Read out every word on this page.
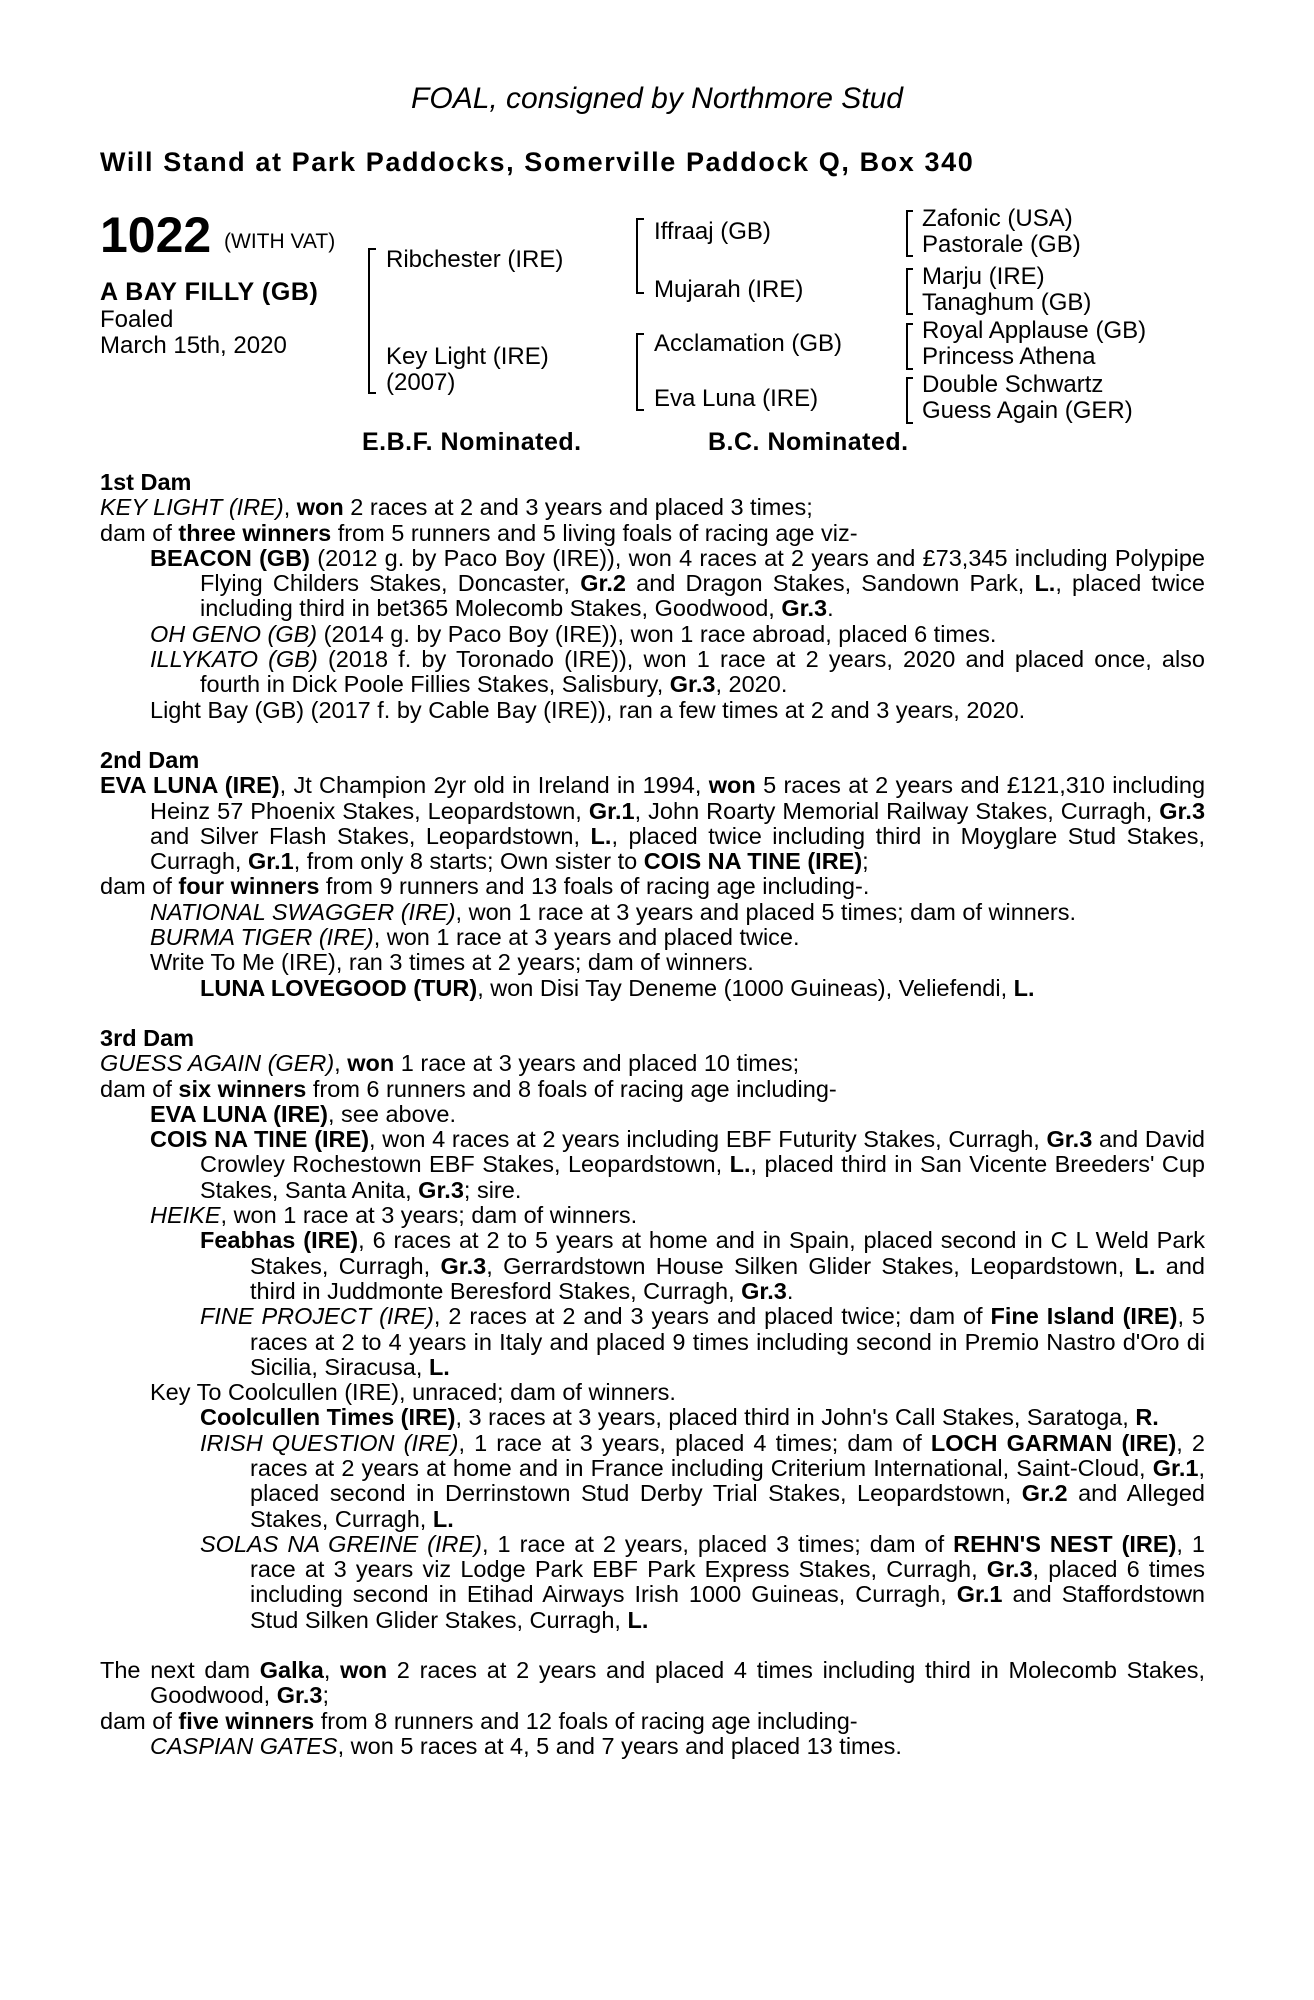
FOAL, consigned by Northmore Stud
Will Stand at Park Paddocks, Somerville Paddock Q, Box 340
1022 (WITH VAT)
A BAY FILLY (GB)
Foaled
March 15th, 2020
Ribchester (IRE)
Key Light (IRE)
(2007)
Iffraaj (GB)
Mujarah (IRE)
Acclamation (GB)
Eva Luna (IRE)
Zafonic (USA)
Pastorale (GB)
Marju (IRE)
Tanaghum (GB)
Royal Applause (GB)
Princess Athena
Double Schwartz
Guess Again (GER)
E.B.F. Nominated.	B.C. Nominated.

1st Dam

KEY LIGHT (IRE), won 2 races at 2 and 3 years and placed 3 times;

dam of three winners from 5 runners and 5 living foals of racing age viz-

BEACON (GB) (2012 g. by Paco Boy (IRE)), won 4 races at 2 years and £73,345 including Polypipe Flying Childers Stakes, Doncaster, Gr.2 and Dragon Stakes, Sandown Park, L., placed twice including third in bet365 Molecomb Stakes, Goodwood, Gr.3.

OH GENO (GB) (2014 g. by Paco Boy (IRE)), won 1 race abroad, placed 6 times.

ILLYKATO (GB) (2018 f. by Toronado (IRE)), won 1 race at 2 years, 2020 and placed once, also fourth in Dick Poole Fillies Stakes, Salisbury, Gr.3, 2020.

Light Bay (GB) (2017 f. by Cable Bay (IRE)), ran a few times at 2 and 3 years, 2020.

2nd Dam

EVA LUNA (IRE), Jt Champion 2yr old in Ireland in 1994, won 5 races at 2 years and £121,310 including Heinz 57 Phoenix Stakes, Leopardstown, Gr.1, John Roarty Memorial Railway Stakes, Curragh, Gr.3 and Silver Flash Stakes, Leopardstown, L., placed twice including third in Moyglare Stud Stakes, Curragh, Gr.1, from only 8 starts; Own sister to COIS NA TINE (IRE);

dam of four winners from 9 runners and 13 foals of racing age including-.

NATIONAL SWAGGER (IRE), won 1 race at 3 years and placed 5 times; dam of winners.

BURMA TIGER (IRE), won 1 race at 3 years and placed twice.

Write To Me (IRE), ran 3 times at 2 years; dam of winners.

LUNA LOVEGOOD (TUR), won Disi Tay Deneme (1000 Guineas), Veliefendi, L.

3rd Dam

GUESS AGAIN (GER), won 1 race at 3 years and placed 10 times;

dam of six winners from 6 runners and 8 foals of racing age including-

EVA LUNA (IRE), see above.

COIS NA TINE (IRE), won 4 races at 2 years including EBF Futurity Stakes, Curragh, Gr.3 and David Crowley Rochestown EBF Stakes, Leopardstown, L., placed third in San Vicente Breeders' Cup Stakes, Santa Anita, Gr.3; sire.

HEIKE, won 1 race at 3 years; dam of winners.

Feabhas (IRE), 6 races at 2 to 5 years at home and in Spain, placed second in C L Weld Park Stakes, Curragh, Gr.3, Gerrardstown House Silken Glider Stakes, Leopardstown, L. and third in Juddmonte Beresford Stakes, Curragh, Gr.3.

FINE PROJECT (IRE), 2 races at 2 and 3 years and placed twice; dam of Fine Island (IRE), 5 races at 2 to 4 years in Italy and placed 9 times including second in Premio Nastro d'Oro di Sicilia, Siracusa, L.

Key To Coolcullen (IRE), unraced; dam of winners.

Coolcullen Times (IRE), 3 races at 3 years, placed third in John's Call Stakes, Saratoga, R.

IRISH QUESTION (IRE), 1 race at 3 years, placed 4 times; dam of LOCH GARMAN (IRE), 2 races at 2 years at home and in France including Criterium International, Saint-Cloud, Gr.1, placed second in Derrinstown Stud Derby Trial Stakes, Leopardstown, Gr.2 and Alleged Stakes, Curragh, L.

SOLAS NA GREINE (IRE), 1 race at 2 years, placed 3 times; dam of REHN'S NEST (IRE), 1 race at 3 years viz Lodge Park EBF Park Express Stakes, Curragh, Gr.3, placed 6 times including second in Etihad Airways Irish 1000 Guineas, Curragh, Gr.1 and Staffordstown Stud Silken Glider Stakes, Curragh, L.

The next dam Galka, won 2 races at 2 years and placed 4 times including third in Molecomb Stakes, Goodwood, Gr.3;

dam of five winners from 8 runners and 12 foals of racing age including-

CASPIAN GATES, won 5 races at 4, 5 and 7 years and placed 13 times.
